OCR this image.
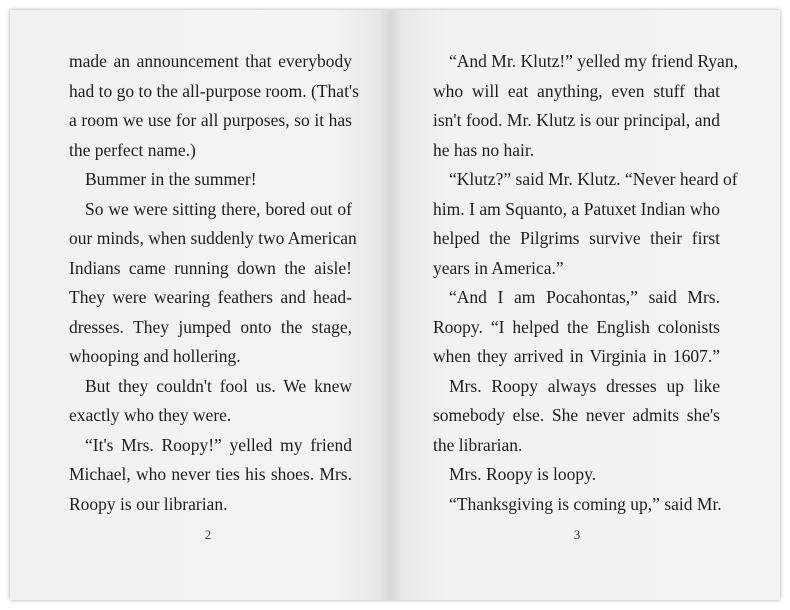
made an announcement that everybody
had to go to the all-purpose room. (That's
a room we use for all purposes, so it has
the perfect name.)
Bummer in the summer!
So we were sitting there, bored out of
our minds, when suddenly two American
Indians came running down the aisle!
They were wearing feathers and head-
dresses. They jumped onto the stage,
whooping and hollering.
But they couldn't fool us. We knew
exactly who they were.
“It's Mrs. Roopy!” yelled my friend
Michael, who never ties his shoes. Mrs.
Roopy is our librarian.
2
“And Mr. Klutz!” yelled my friend Ryan,
who will eat anything, even stuff that
isn't food. Mr. Klutz is our principal, and
he has no hair.
“Klutz?” said Mr. Klutz. “Never heard of
him. I am Squanto, a Patuxet Indian who
helped the Pilgrims survive their first
years in America.”
“And I am Pocahontas,” said Mrs.
Roopy. “I helped the English colonists
when they arrived in Virginia in 1607.”
Mrs. Roopy always dresses up like
somebody else. She never admits she's
the librarian.
Mrs. Roopy is loopy.
“Thanksgiving is coming up,” said Mr.
3
